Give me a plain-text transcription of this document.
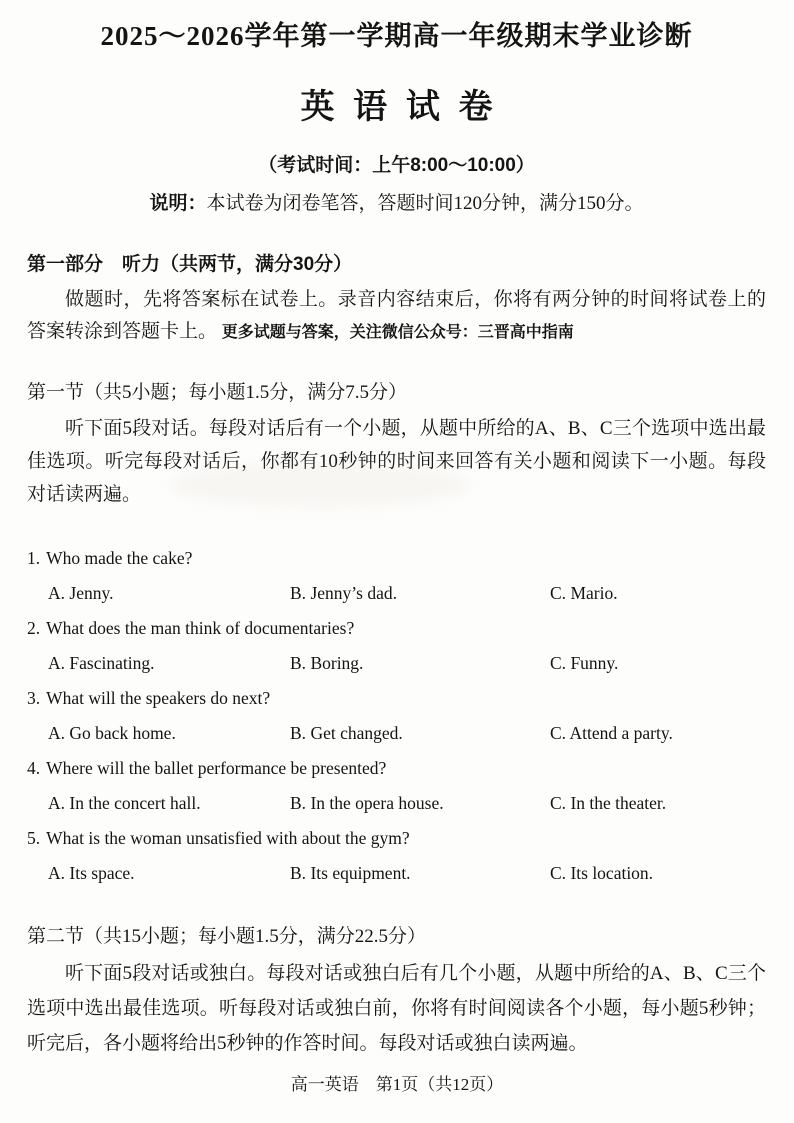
2025～2026学年第一学期高一年级期末学业诊断
英语试卷
（考试时间：上午8:00～10:00）
说明：本试卷为闭卷笔答，答题时间120分钟，满分150分。
第一部分　听力（共两节，满分30分）

做题时，先将答案标在试卷上。录音内容结束后，你将有两分钟的时间将试卷上的答案转涂到答题卡上。 更多试题与答案，关注微信公众号：三晋高中指南

第一节（共5小题；每小题1.5分，满分7.5分）

听下面5段对话。每段对话后有一个小题，从题中所给的A、B、C三个选项中选出最佳选项。听完每段对话后，你都有10秒钟的时间来回答有关小题和阅读下一小题。每段对话读两遍。

1. Who made the cake?
A. Jenny.	B. Jenny’s dad.	C. Mario.
2. What does the man think of documentaries?
A. Fascinating.	B. Boring.	C. Funny.
3. What will the speakers do next?
A. Go back home.	B. Get changed.	C. Attend a party.
4. Where will the ballet performance be presented?
A. In the concert hall.	B. In the opera house.	C. In the theater.
5. What is the woman unsatisfied with about the gym?
A. Its space.	B. Its equipment.	C. Its location.
第二节（共15小题；每小题1.5分，满分22.5分）

听下面5段对话或独白。每段对话或独白后有几个小题，从题中所给的A、B、C三个选项中选出最佳选项。听每段对话或独白前，你将有时间阅读各个小题，每小题5秒钟；听完后，各小题将给出5秒钟的作答时间。每段对话或独白读两遍。

高一英语　第1页（共12页）
